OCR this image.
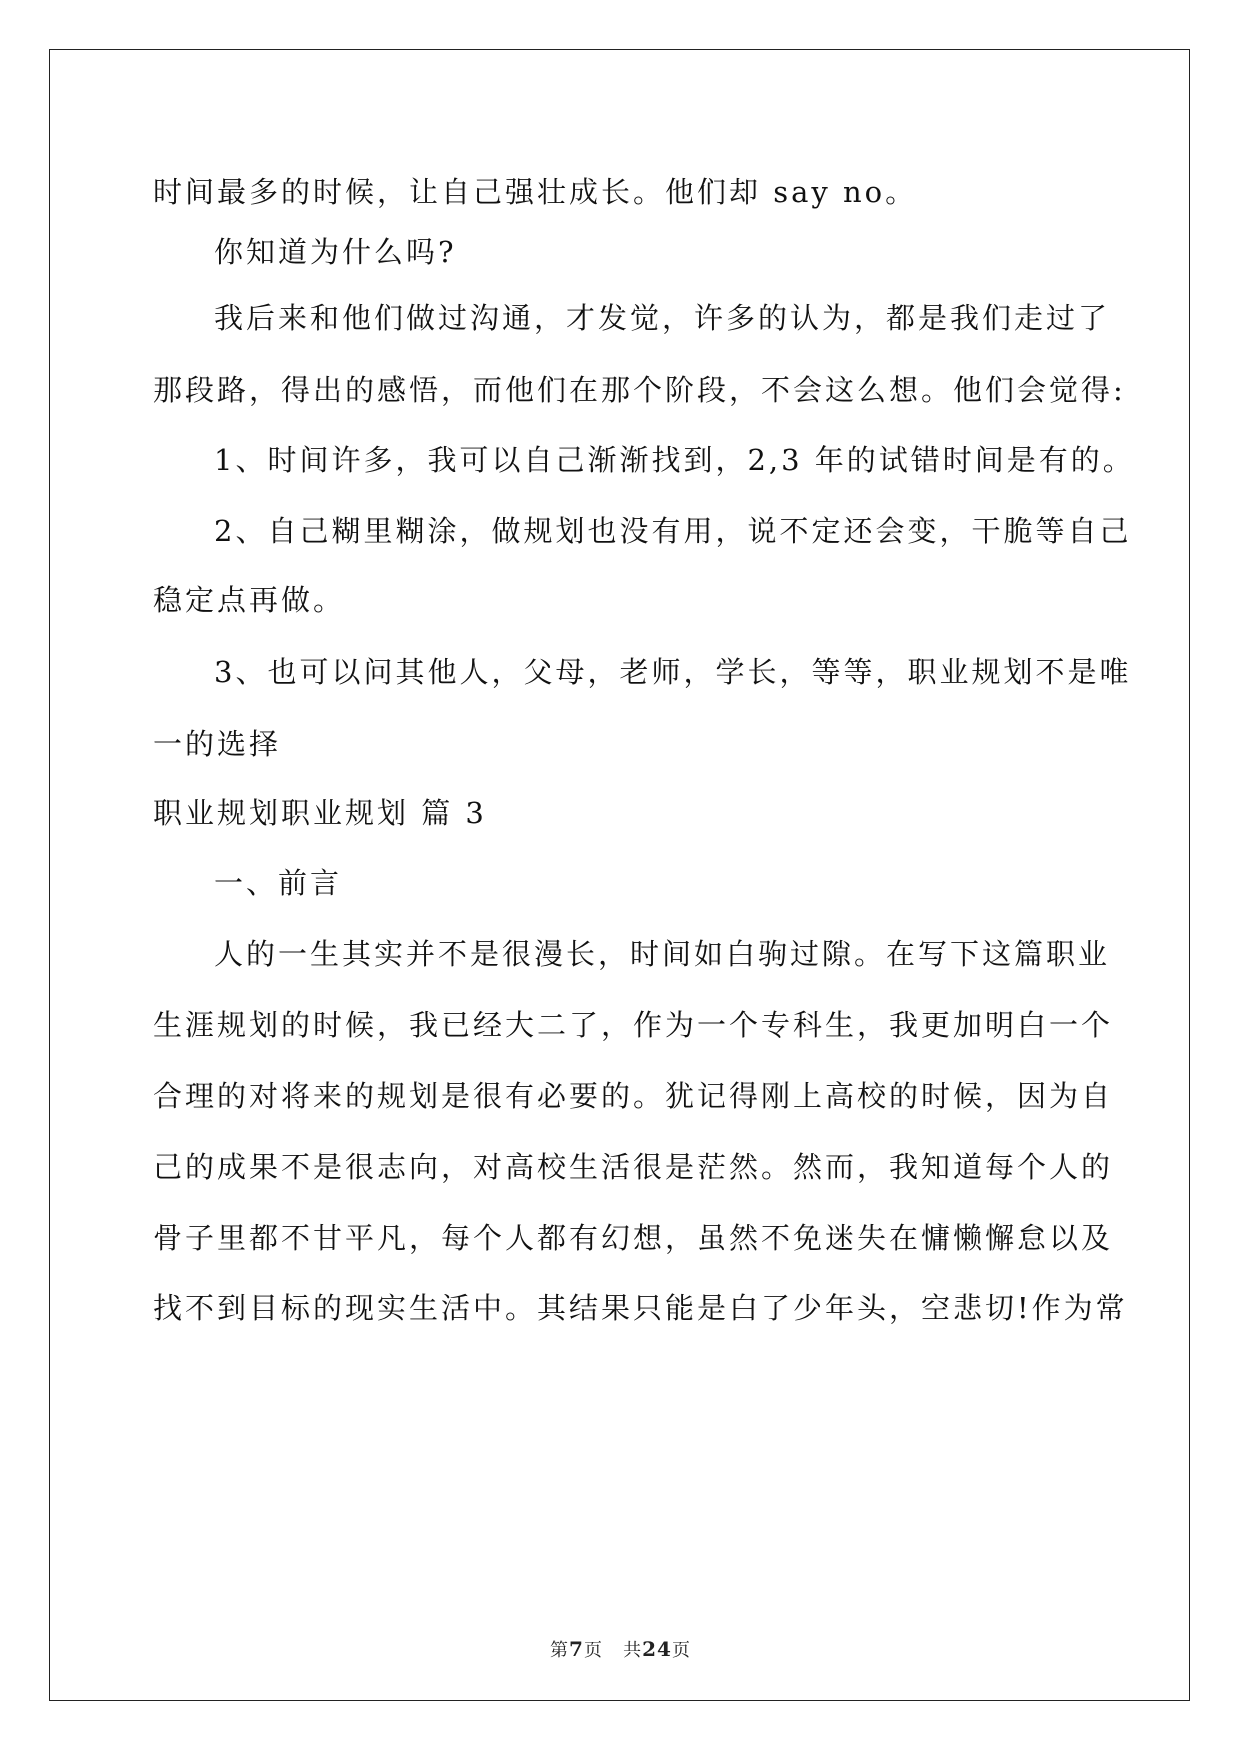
时间最多的时候，让自己强壮成长。他们却 say no。
你知道为什么吗?
我后来和他们做过沟通，才发觉，许多的认为，都是我们走过了
那段路，得出的感悟，而他们在那个阶段，不会这么想。他们会觉得:
1、时间许多，我可以自己渐渐找到，2,3 年的试错时间是有的。
2、自己糊里糊涂，做规划也没有用，说不定还会变，干脆等自己
稳定点再做。
3、也可以问其他人，父母，老师，学长，等等，职业规划不是唯
一的选择
职业规划职业规划 篇 3
一、前言
人的一生其实并不是很漫长，时间如白驹过隙。在写下这篇职业
生涯规划的时候，我已经大二了，作为一个专科生，我更加明白一个
合理的对将来的规划是很有必要的。犹记得刚上高校的时候，因为自
己的成果不是很志向，对高校生活很是茫然。然而，我知道每个人的
骨子里都不甘平凡，每个人都有幻想，虽然不免迷失在慵懒懈怠以及
找不到目标的现实生活中。其结果只能是白了少年头，空悲切!作为常
第7页 共24页
